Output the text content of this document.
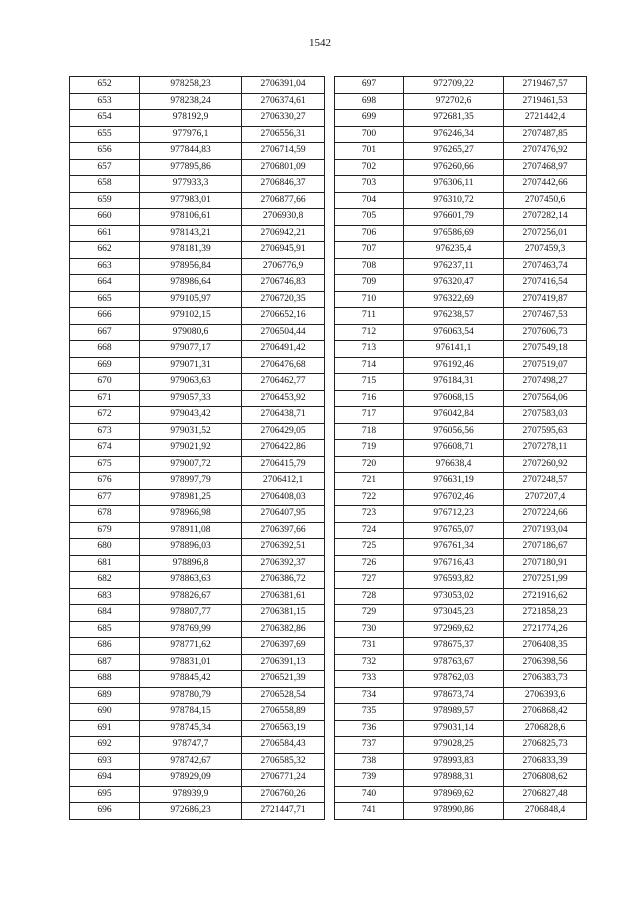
1542
652	978258,23	2706391,04
653	978238,24	2706374,61
654	978192,9	2706330,27
655	977976,1	2706556,31
656	977844,83	2706714,59
657	977895,86	2706801,09
658	977933,3	2706846,37
659	977983,01	2706877,66
660	978106,61	2706930,8
661	978143,21	2706942,21
662	978181,39	2706945,91
663	978956,84	2706776,9
664	978986,64	2706746,83
665	979105,97	2706720,35
666	979102,15	2706652,16
667	979080,6	2706504,44
668	979077,17	2706491,42
669	979071,31	2706476,68
670	979063,63	2706462,77
671	979057,33	2706453,92
672	979043,42	2706438,71
673	979031,52	2706429,05
674	979021,92	2706422,86
675	979007,72	2706415,79
676	978997,79	2706412,1
677	978981,25	2706408,03
678	978966,98	2706407,95
679	978911,08	2706397,66
680	978896,03	2706392,51
681	978896,8	2706392,37
682	978863,63	2706386,72
683	978826,67	2706381,61
684	978807,77	2706381,15
685	978769,99	2706382,86
686	978771,62	2706397,69
687	978831,01	2706391,13
688	978845,42	2706521,39
689	978780,79	2706528,54
690	978784,15	2706558,89
691	978745,34	2706563,19
692	978747,7	2706584,43
693	978742,67	2706585,32
694	978929,09	2706771,24
695	978939,9	2706760,26
696	972686,23	2721447,71
697	972709,22	2719467,57
698	972702,6	2719461,53
699	972681,35	2721442,4
700	976246,34	2707487,85
701	976265,27	2707476,92
702	976260,66	2707468,97
703	976306,11	2707442,66
704	976310,72	2707450,6
705	976601,79	2707282,14
706	976586,69	2707256,01
707	976235,4	2707459,3
708	976237,11	2707463,74
709	976320,47	2707416,54
710	976322,69	2707419,87
711	976238,57	2707467,53
712	976063,54	2707606,73
713	976141,1	2707549,18
714	976192,46	2707519,07
715	976184,31	2707498,27
716	976068,15	2707564,06
717	976042,84	2707583,03
718	976056,56	2707595,63
719	976608,71	2707278,11
720	976638,4	2707260,92
721	976631,19	2707248,57
722	976702,46	2707207,4
723	976712,23	2707224,66
724	976765,07	2707193,04
725	976761,34	2707186,67
726	976716,43	2707180,91
727	976593,82	2707251,99
728	973053,02	2721916,62
729	973045,23	2721858,23
730	972969,62	2721774,26
731	978675,37	2706408,35
732	978763,67	2706398,56
733	978762,03	2706383,73
734	978673,74	2706393,6
735	978989,57	2706868,42
736	979031,14	2706828,6
737	979028,25	2706825,73
738	978993,83	2706833,39
739	978988,31	2706808,62
740	978969,62	2706827,48
741	978990,86	2706848,4
